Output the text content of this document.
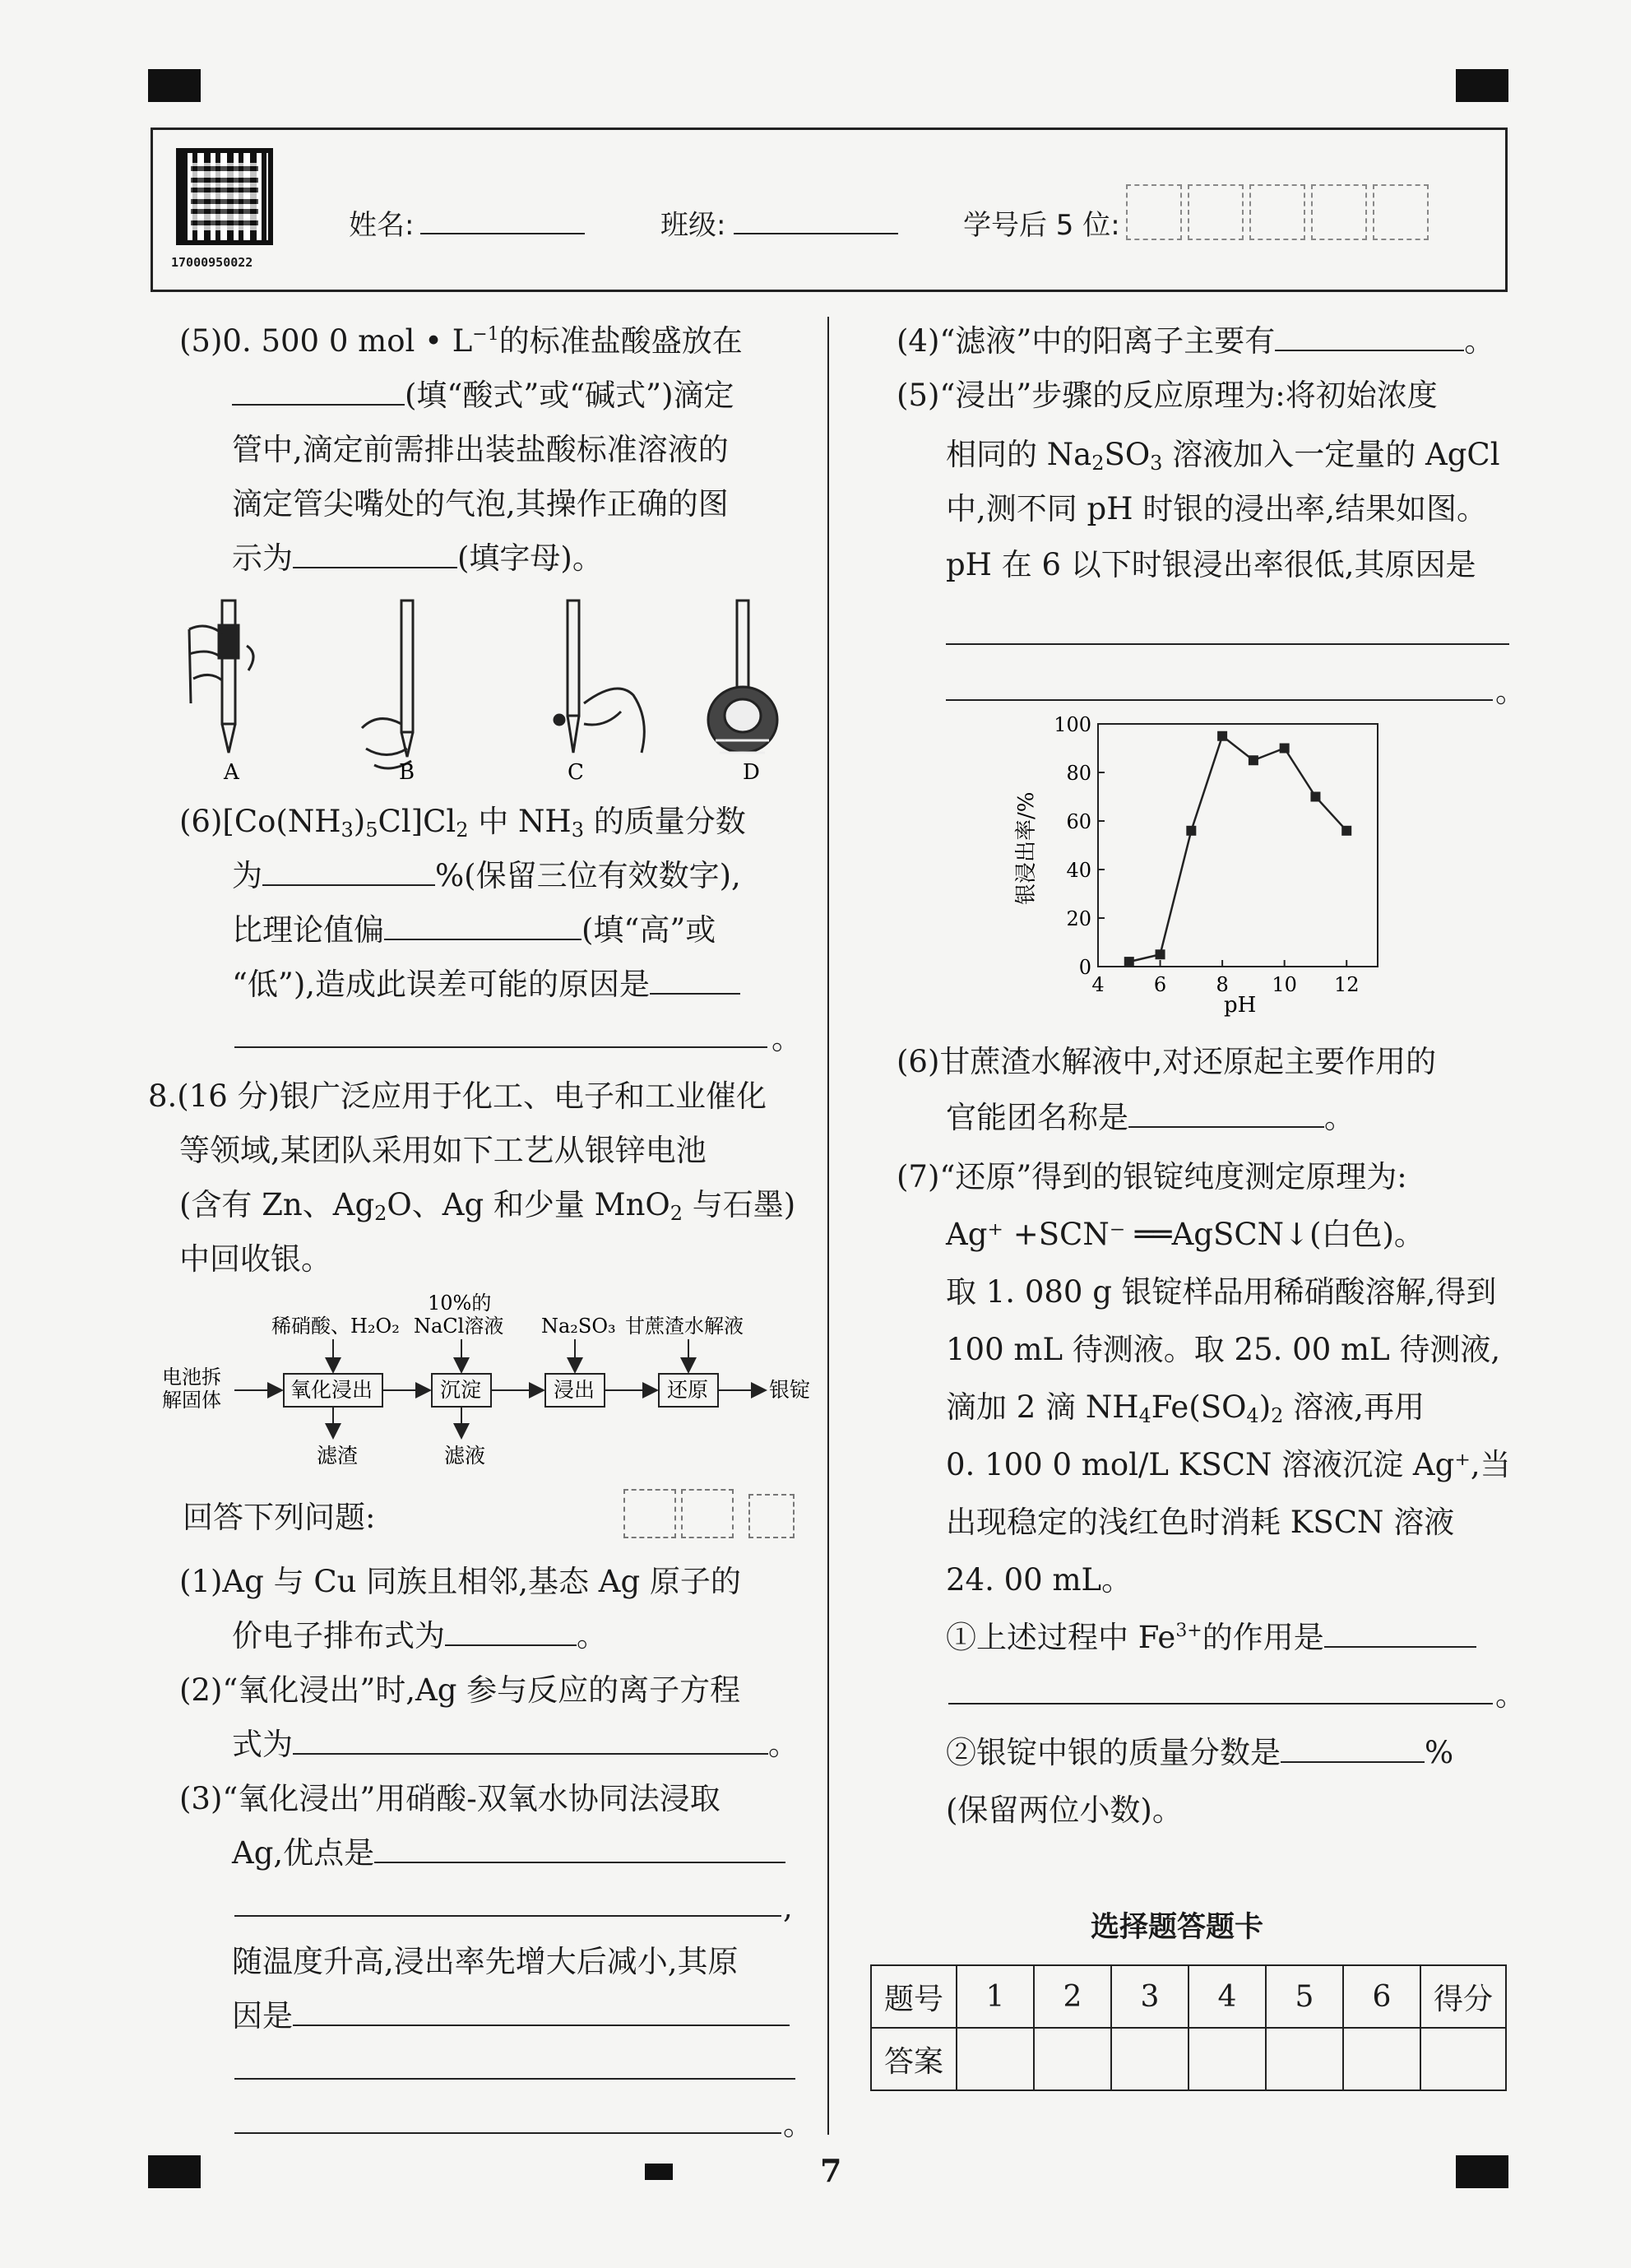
17000950022
姓名:	班级:	学号后 5 位:
(5)0. 500 0 mol • $L^{-1}$的标准盐酸盛放在
(填“酸式”或“碱式”)滴定
管中,滴定前需排出装盐酸标准溶液的
滴定管尖嘴处的气泡,其操作正确的图
示为	(填字母)。
A	B	C	D
$(6)[Co(NH_3)_5Cl]Cl_2$ 中 $NH_3$ 的质量分数
为	%(保留三位有效数字),
比理论值偏	(填“高”或
“低”),造成此误差可能的原因是
。
8.(16 分)银广泛应用于化工、电子和工业催化
等领域,某团队采用如下工艺从银锌电池
(含有 Zn、$Ag_2O$、Ag 和少量 MnO$_2$ 与石墨)
中回收银。
稀硝酸、H₂O₂
10%的
NaCl溶液 Na₂SO₃ 甘蔗渣水解液
电池拆
解固体	氧化浸出	沉淀	浸出	还原	银锭
滤渣	滤液
回答下列问题:
(1)Ag 与 Cu 同族且相邻,基态 Ag 原子的
价电子排布式为	。
(2)“氧化浸出”时,Ag 参与反应的离子方程
式为	。
(3)“氧化浸出”用硝酸-双氧水协同法浸取
Ag,优点是
,
随温度升高,浸出率先增大后减小,其原
因是
。
(4)“滤液”中的阳离子主要有	。
(5)“浸出”步骤的反应原理为:将初始浓度
相同的 $Na_2SO_3$ 溶液加入一定量的 AgCl
中,测不同 pH 时银的浸出率,结果如图。
pH 在 6 以下时银浸出率很低,其原因是
。
银浸出率/%
pH
0
20
40
60
80
100
4	6	8 10 12
(6)甘蔗渣水解液中,对还原起主要作用的
官能团名称是	。
(7)“还原”得到的银锭纯度测定原理为:
Ag⁺ +SCN⁻ ══AgSCN↓(白色)。
取 1. 080 g 银锭样品用稀硝酸溶解,得到
100 mL 待测液。取 25. 00 mL 待测液,
滴加 2 滴 $NH_4Fe(SO_4)_2$ 溶液,再用
0. 100 0 mol/L KSCN 溶液沉淀 Ag⁺,当
出现稳定的浅红色时消耗 KSCN 溶液
24. 00 mL。
①上述过程中 $Fe^{3+}$的作用是
。
②银锭中银的质量分数是	%
(保留两位小数)。
选择题答题卡
题号	1	2	3	4	5	6	得分
答案							
7
